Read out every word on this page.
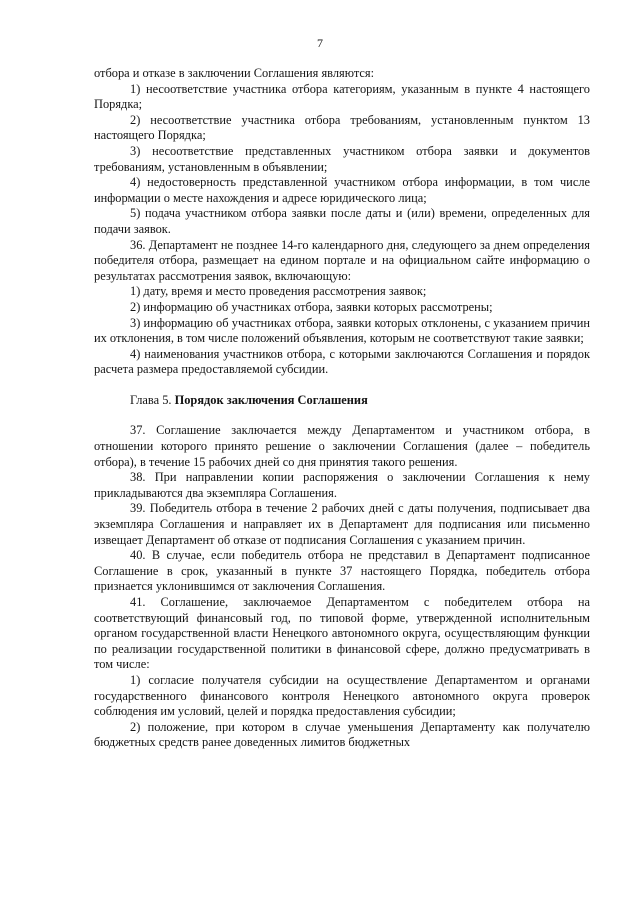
7

отбора и отказе в заключении Соглашения являются:

1) несоответствие участника отбора категориям, указанным в пункте 4 настоящего Порядка;

2) несоответствие участника отбора требованиям, установленным пунктом 13 настоящего Порядка;

3) несоответствие представленных участником отбора заявки и документов требованиям, установленным в объявлении;

4) недостоверность представленной участником отбора информации, в том числе информации о месте нахождения и адресе юридического лица;

5) подача участником отбора заявки после даты и (или) времени, определенных для подачи заявок.

36. Департамент не позднее 14-го календарного дня, следующего за днем определения победителя отбора, размещает на едином портале и на официальном сайте информацию о результатах рассмотрения заявок, включающую:

1) дату, время и место проведения рассмотрения заявок;

2) информацию об участниках отбора, заявки которых рассмотрены;

3) информацию об участниках отбора, заявки которых отклонены, с указанием причин их отклонения, в том числе положений объявления, которым не соответствуют такие заявки;

4) наименования участников отбора, с которыми заключаются Соглашения и порядок расчета размера предоставляемой субсидии.

Глава 5. Порядок заключения Соглашения

37. Соглашение заключается между Департаментом и участником отбора, в отношении которого принято решение о заключении Соглашения (далее – победитель отбора), в течение 15 рабочих дней со дня принятия такого решения.

38. При направлении копии распоряжения о заключении Соглашения к нему прикладываются два экземпляра Соглашения.

39. Победитель отбора в течение 2 рабочих дней с даты получения, подписывает два экземпляра Соглашения и направляет их в Департамент для подписания или письменно извещает Департамент об отказе от подписания Соглашения с указанием причин.

40. В случае, если победитель отбора не представил в Департамент подписанное Соглашение в срок, указанный в пункте 37 настоящего Порядка, победитель отбора признается уклонившимся от заключения Соглашения.

41. Соглашение, заключаемое Департаментом с победителем отбора на соответствующий финансовый год, по типовой форме, утвержденной исполнительным органом государственной власти Ненецкого автономного округа, осуществляющим функции по реализации государственной политики в финансовой сфере, должно предусматривать в том числе:

1) согласие получателя субсидии на осуществление Департаментом и органами государственного финансового контроля Ненецкого автономного округа проверок соблюдения им условий, целей и порядка предоставления субсидии;

2) положение, при котором в случае уменьшения Департаменту как получателю бюджетных средств ранее доведенных лимитов бюджетных
